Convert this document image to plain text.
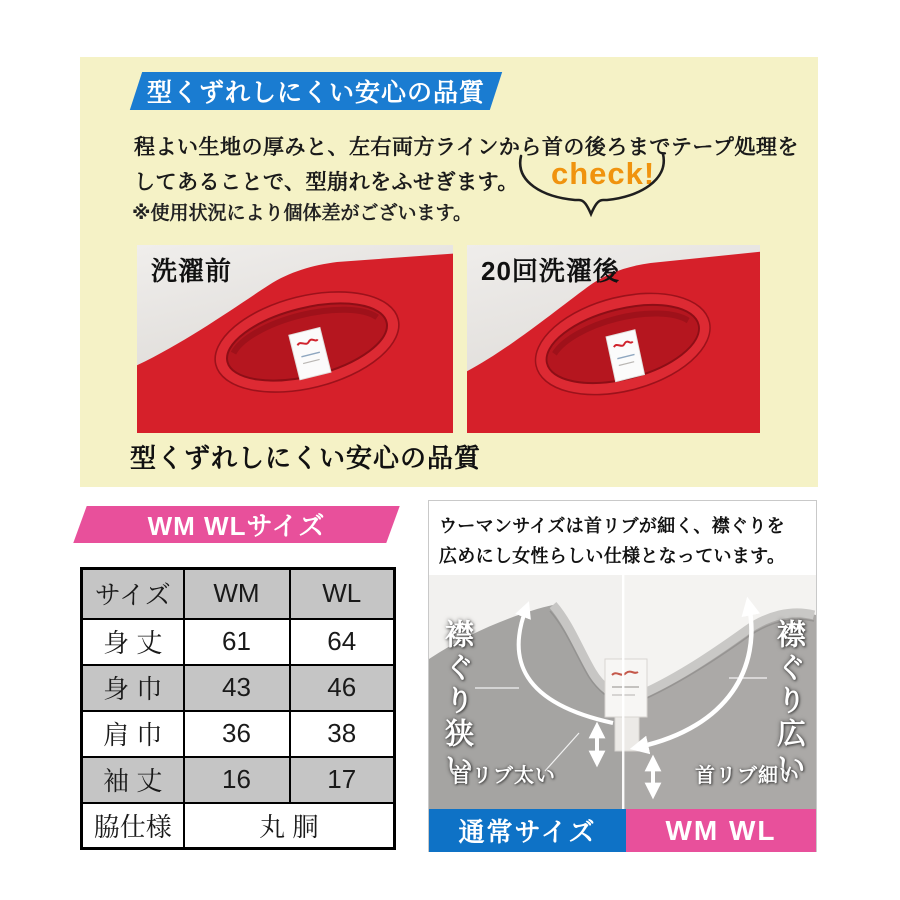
型くずれしにくい安心の品質
程よい生地の厚みと、左右両方ラインから首の後ろまでテープ処理を
してあることで、型崩れをふせぎます。
※使用状況により個体差がございます。
check!
洗濯前	20回洗濯後
型くずれしにくい安心の品質
WM WLサイズ
サイズ	WM	WL
身 丈	61	64
身 巾	43	46
肩 巾	36	38
袖 丈	16	17
脇仕様	丸 胴	
ウーマンサイズは首リブが細く、襟ぐりを
広めにし女性らしい仕様となっています。
襟ぐり狭い	襟ぐり広い
首リブ太い	首リブ細い
通常サイズ	WM WL
